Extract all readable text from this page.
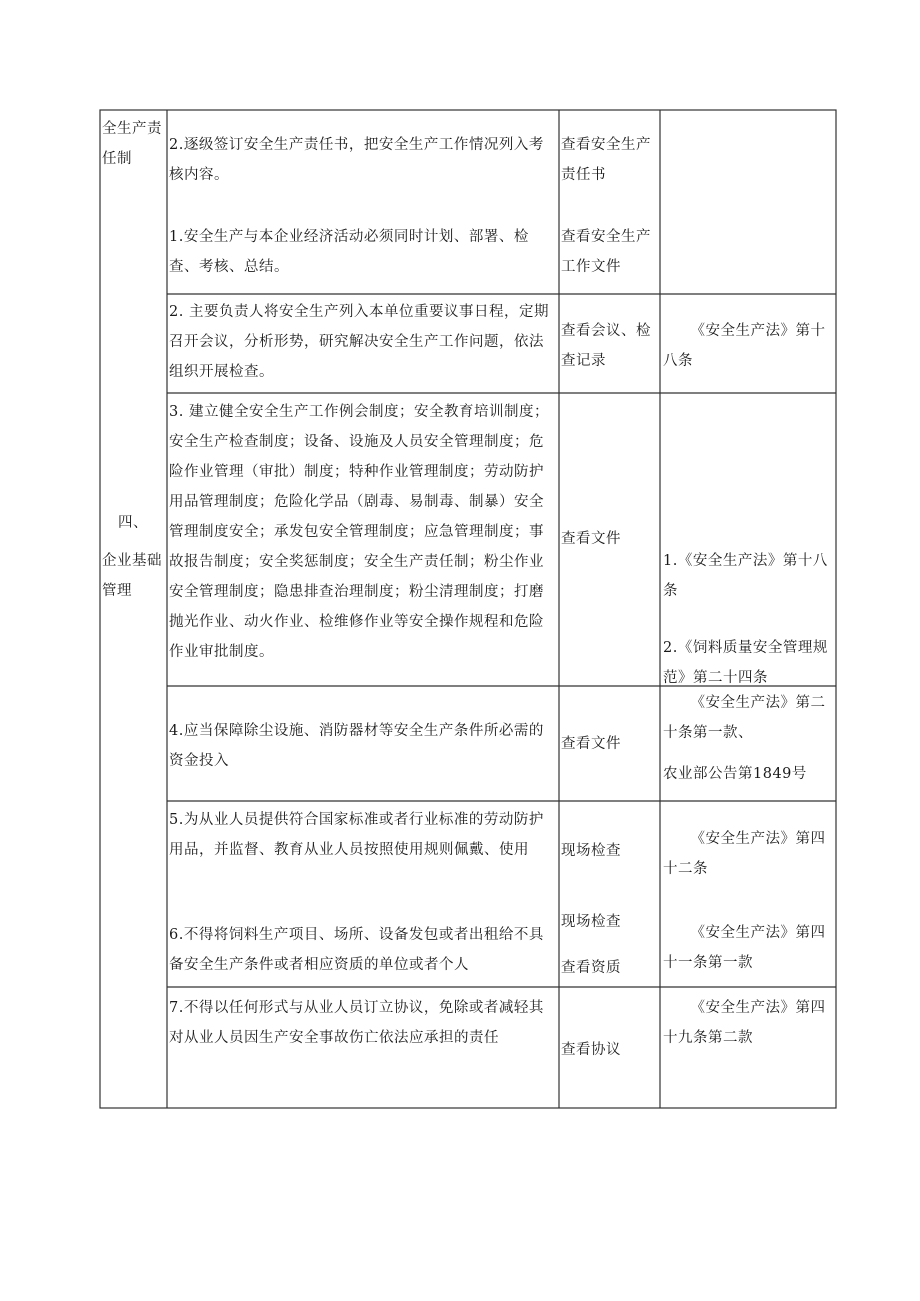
全生产责任制
四、
企业基础管理
2.逐级签订安全生产责任书，把安全生产工作情况列入考核内容。
查看安全生产责任书
1.安全生产与本企业经济活动必须同时计划、部署、检查、考核、总结。
查看安全生产工作文件
2. 主要负责人将安全生产列入本单位重要议事日程，定期召开会议，分析形势，研究解决安全生产工作问题，依法组织开展检查。
查看会议、检查记录
《安全生产法》第十八条
3. 建立健全安全生产工作例会制度；安全教育培训制度；安全生产检查制度；设备、设施及人员安全管理制度；危险作业管理（审批）制度；特种作业管理制度；劳动防护用品管理制度；危险化学品（剧毒、易制毒、制暴）安全管理制度安全；承发包安全管理制度；应急管理制度；事故报告制度；安全奖惩制度；安全生产责任制；粉尘作业安全管理制度；隐患排查治理制度；粉尘清理制度；打磨抛光作业、动火作业、检维修作业等安全操作规程和危险作业审批制度。
查看文件
1.《安全生产法》第十八条
2.《饲料质量安全管理规范》第二十四条
4.应当保障除尘设施、消防器材等安全生产条件所必需的资金投入
查看文件
《安全生产法》第二十条第一款、
农业部公告第1849号
5.为从业人员提供符合国家标准或者行业标准的劳动防护用品，并监督、教育从业人员按照使用规则佩戴、使用	现场检查
《安全生产法》第四十二条
6.不得将饲料生产项目、场所、设备发包或者出租给不具备安全生产条件或者相应资质的单位或者个人
现场检查
查看资质
《安全生产法》第四十一条第一款
7.不得以任何形式与从业人员订立协议，免除或者减轻其对从业人员因生产安全事故伤亡依法应承担的责任
查看协议
《安全生产法》第四十九条第二款
